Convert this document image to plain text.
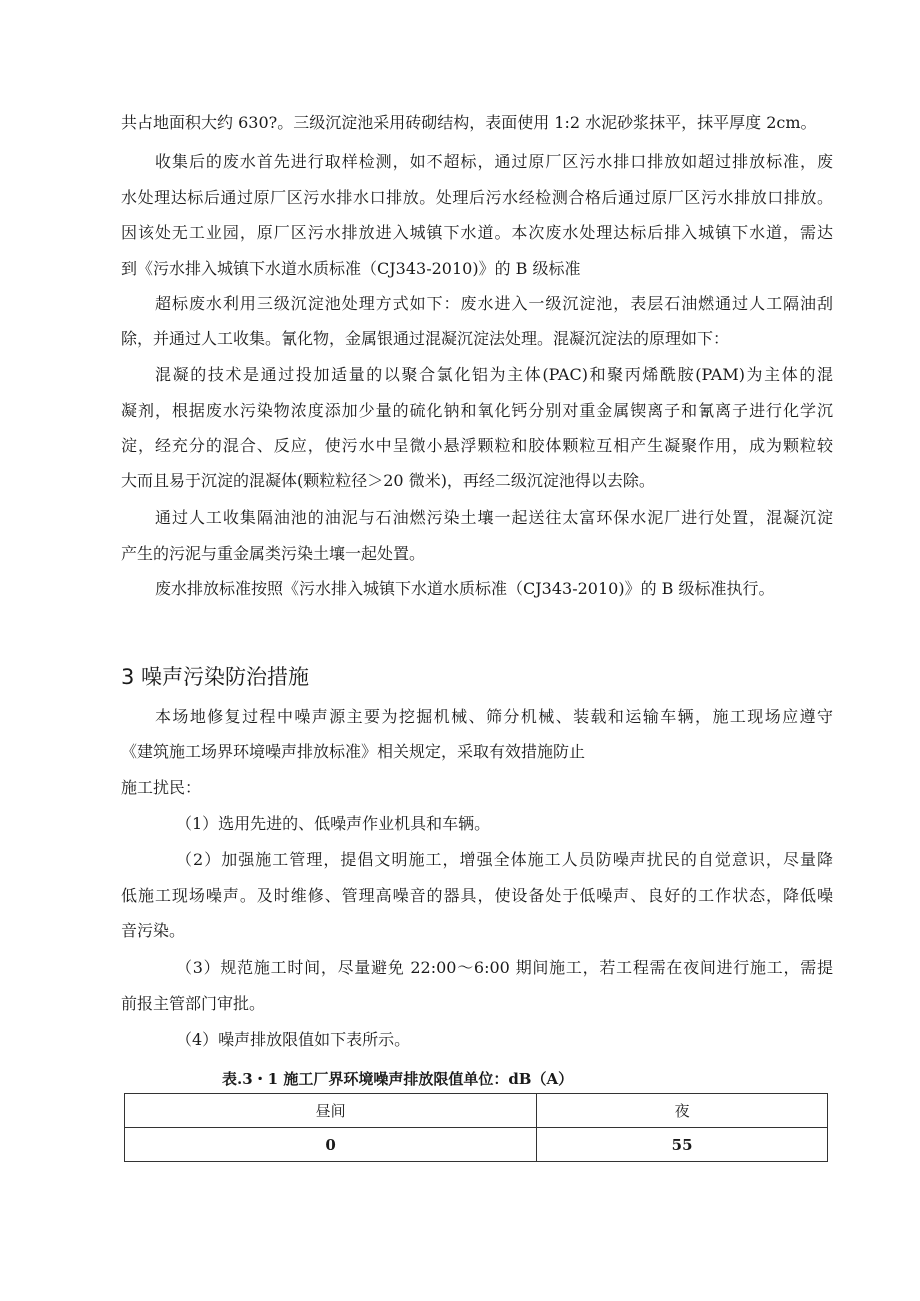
共占地面积大约 630?。三级沉淀池采用砖砌结构，表面使用 1:2 水泥砂浆抹平，抹平厚度 2cm。
收集后的废水首先进行取样检测，如不超标，通过原厂区污水排口排放如超过排放标准，废
水处理达标后通过原厂区污水排水口排放。处理后污水经检测合格后通过原厂区污水排放口排放。
因该处无工业园，原厂区污水排放进入城镇下水道。本次废水处理达标后排入城镇下水道，需达
到《污水排入城镇下水道水质标准（CJ343-2010)》的 B 级标准
超标废水利用三级沉淀池处理方式如下：废水进入一级沉淀池，表层石油燃通过人工隔油刮
除，并通过人工收集。氰化物，金属银通过混凝沉淀法处理。混凝沉淀法的原理如下：
混凝的技术是通过投加适量的以聚合氯化铝为主体(PAC)和聚丙烯酰胺(PAM)为主体的混
凝剂，根据废水污染物浓度添加少量的硫化钠和氧化钙分别对重金属锲离子和氰离子进行化学沉
淀，经充分的混合、反应，使污水中呈微小悬浮颗粒和胶体颗粒互相产生凝聚作用，成为颗粒较
大而且易于沉淀的混凝体(颗粒粒径＞20 微米)，再经二级沉淀池得以去除。
通过人工收集隔油池的油泥与石油燃污染土壤一起送往太富环保水泥厂进行处置，混凝沉淀
产生的污泥与重金属类污染土壤一起处置。
废水排放标准按照《污水排入城镇下水道水质标准（CJ343-2010)》的 B 级标准执行。
3 噪声污染防治措施
本场地修复过程中噪声源主要为挖掘机械、筛分机械、装载和运输车辆，施工现场应遵守
《建筑施工场界环境噪声排放标准》相关规定，采取有效措施防止
施工扰民：
（1）选用先进的、低噪声作业机具和车辆。
（2）加强施工管理，提倡文明施工，增强全体施工人员防噪声扰民的自觉意识，尽量降
低施工现场噪声。及时维修、管理高噪音的器具，使设备处于低噪声、良好的工作状态，降低噪
音污染。
（3）规范施工时间，尽量避免 22:00～6:00 期间施工，若工程需在夜间进行施工，需提
前报主管部门审批。
（4）噪声排放限值如下表所示。
表.3・1 施工厂界环境噪声排放限值单位：dB（A）
昼间	夜
0	55
